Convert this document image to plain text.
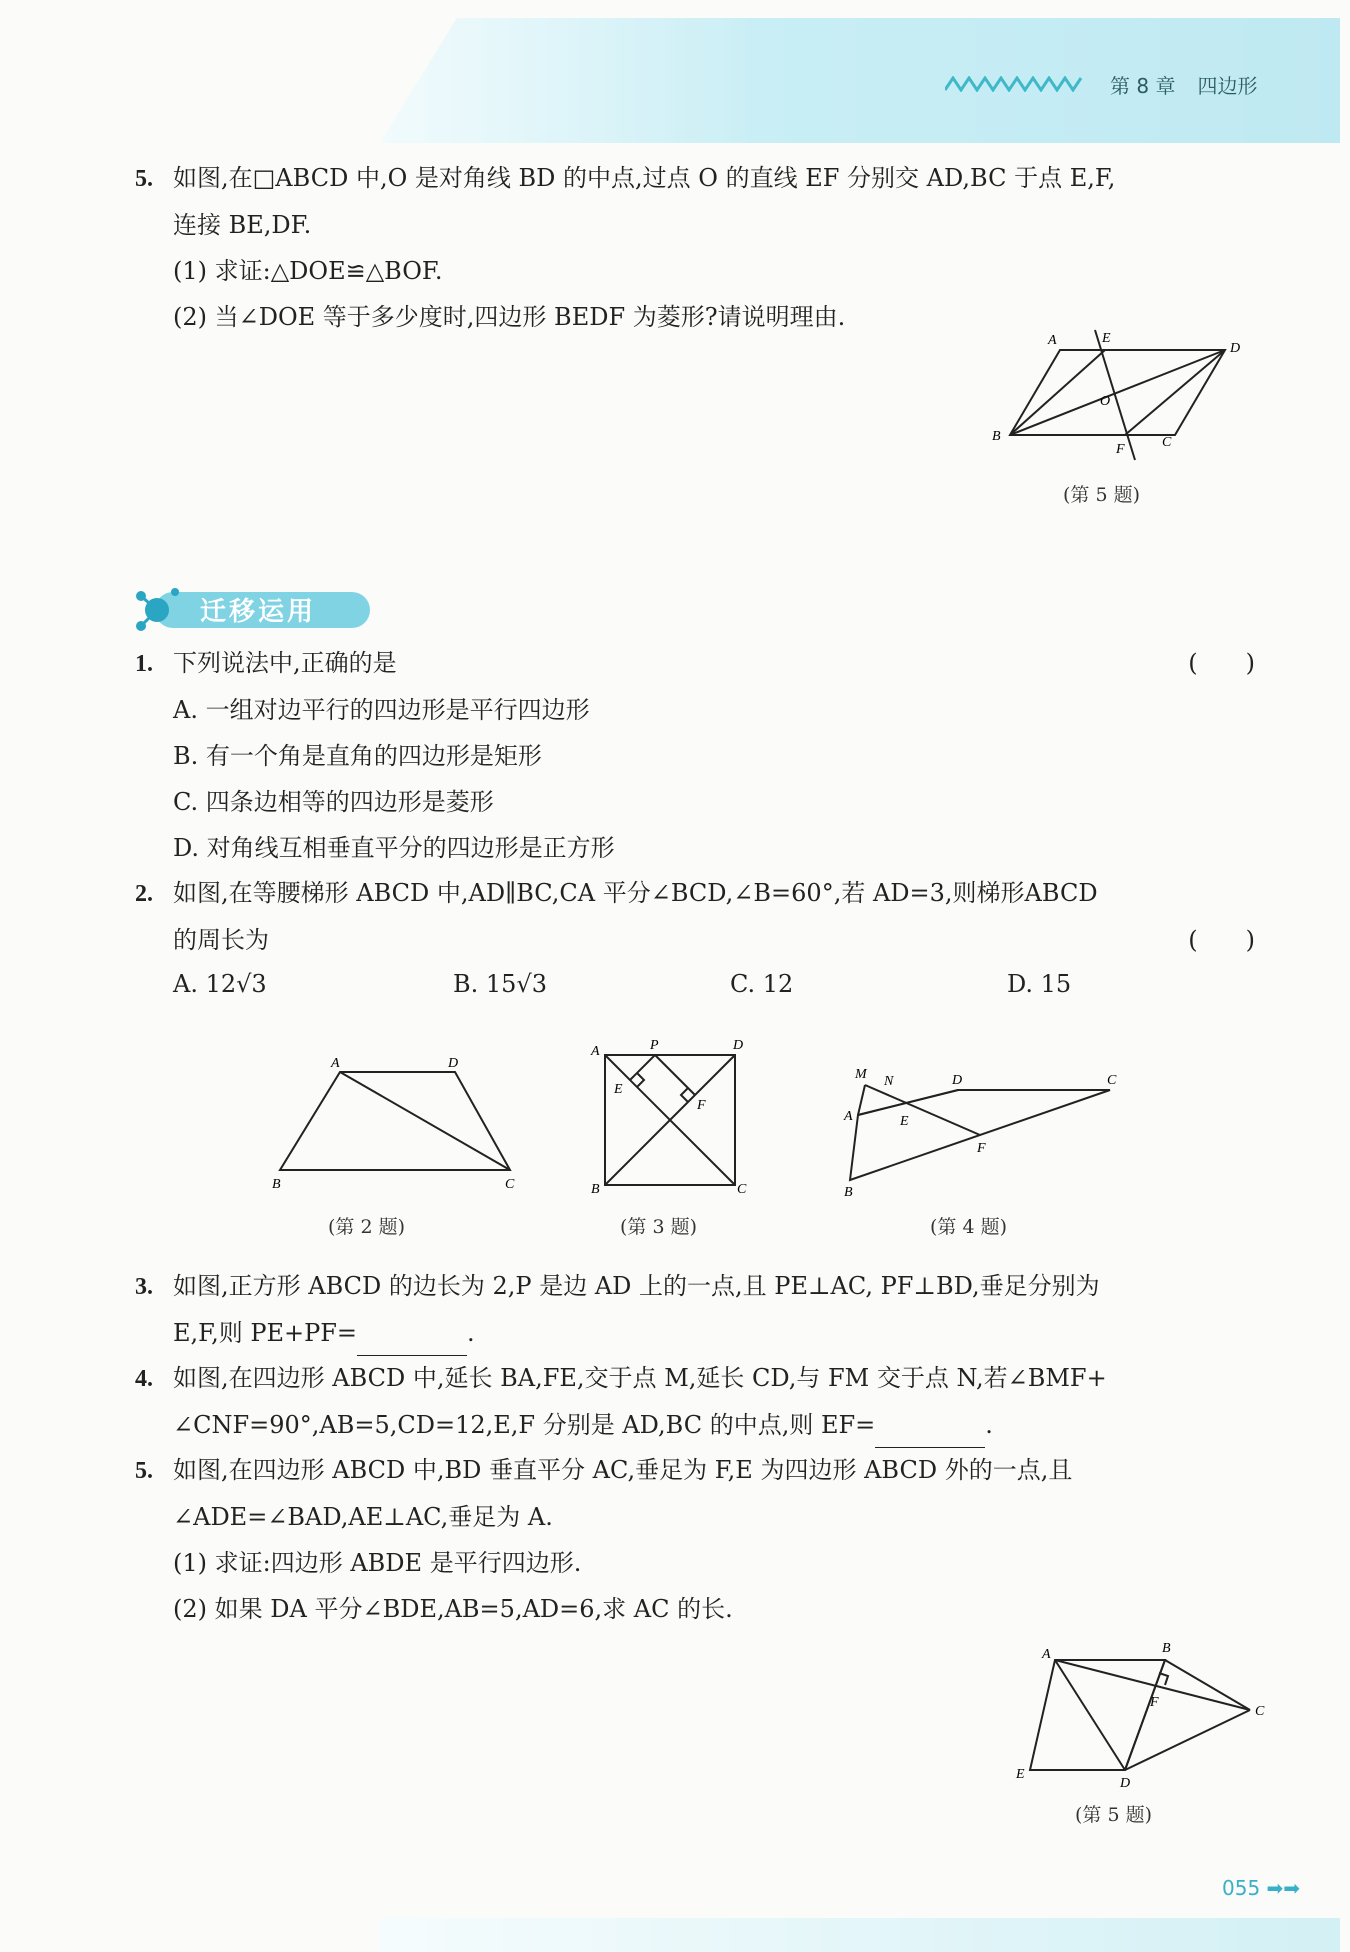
第 8 章 四边形
5. 如图,在□ABCD 中,O 是对角线 BD 的中点,过点 O 的直线 EF 分别交 AD,BC 于点 E,F,
连接 BE,DF.
(1) 求证:△DOE≌△BOF.
(2) 当∠DOE 等于多少度时,四边形 BEDF 为菱形?请说明理由.
A	E
D
O
B
F	C
(第 5 题)
迁移运用
1. 下列说法中,正确的是	(　　)
A. 一组对边平行的四边形是平行四边形
B. 有一个角是直角的四边形是矩形
C. 四条边相等的四边形是菱形
D. 对角线互相垂直平分的四边形是正方形
2. 如图,在等腰梯形 ABCD 中,AD∥BC,CA 平分∠BCD,∠B=60°,若 AD=3,则梯形ABCD
的周长为	(　　)
A. 12√3	B. 15√3	C. 12	D. 15
A	D
B	C
(第 2 题)
A	P	D
E
F
B	C
(第 3 题)
M N	D	C
A	E
F
B
(第 4 题)
3. 如图,正方形 ABCD 的边长为 2,P 是边 AD 上的一点,且 PE⊥AC, PF⊥BD,垂足分别为
E,F,则 PE+PF=	.
4. 如图,在四边形 ABCD 中,延长 BA,FE,交于点 M,延长 CD,与 FM 交于点 N,若∠BMF+
∠CNF=90°,AB=5,CD=12,E,F 分别是 AD,BC 的中点,则 EF=	.
5. 如图,在四边形 ABCD 中,BD 垂直平分 AC,垂足为 F,E 为四边形 ABCD 外的一点,且
∠ADE=∠BAD,AE⊥AC,垂足为 A.
(1) 求证:四边形 ABDE 是平行四边形.
(2) 如果 DA 平分∠BDE,AB=5,AD=6,求 AC 的长.
A	B
F
C
E
D
(第 5 题)
055 ➡➡
